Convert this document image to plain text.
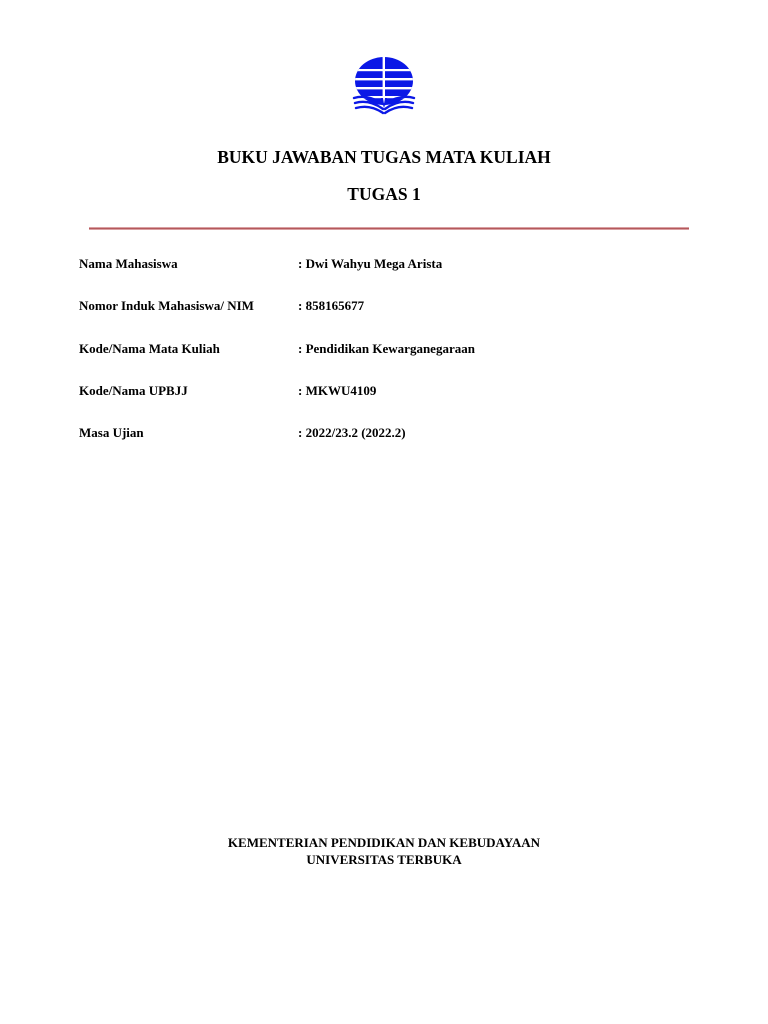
BUKU JAWABAN TUGAS MATA KULIAH
TUGAS 1
Nama Mahasiswa	: Dwi Wahyu Mega Arista
Nomor Induk Mahasiswa/ NIM	: 858165677
Kode/Nama Mata Kuliah	: Pendidikan Kewarganegaraan
Kode/Nama UPBJJ	: MKWU4109
Masa Ujian	: 2022/23.2 (2022.2)
KEMENTERIAN PENDIDIKAN DAN KEBUDAYAAN
UNIVERSITAS TERBUKA
